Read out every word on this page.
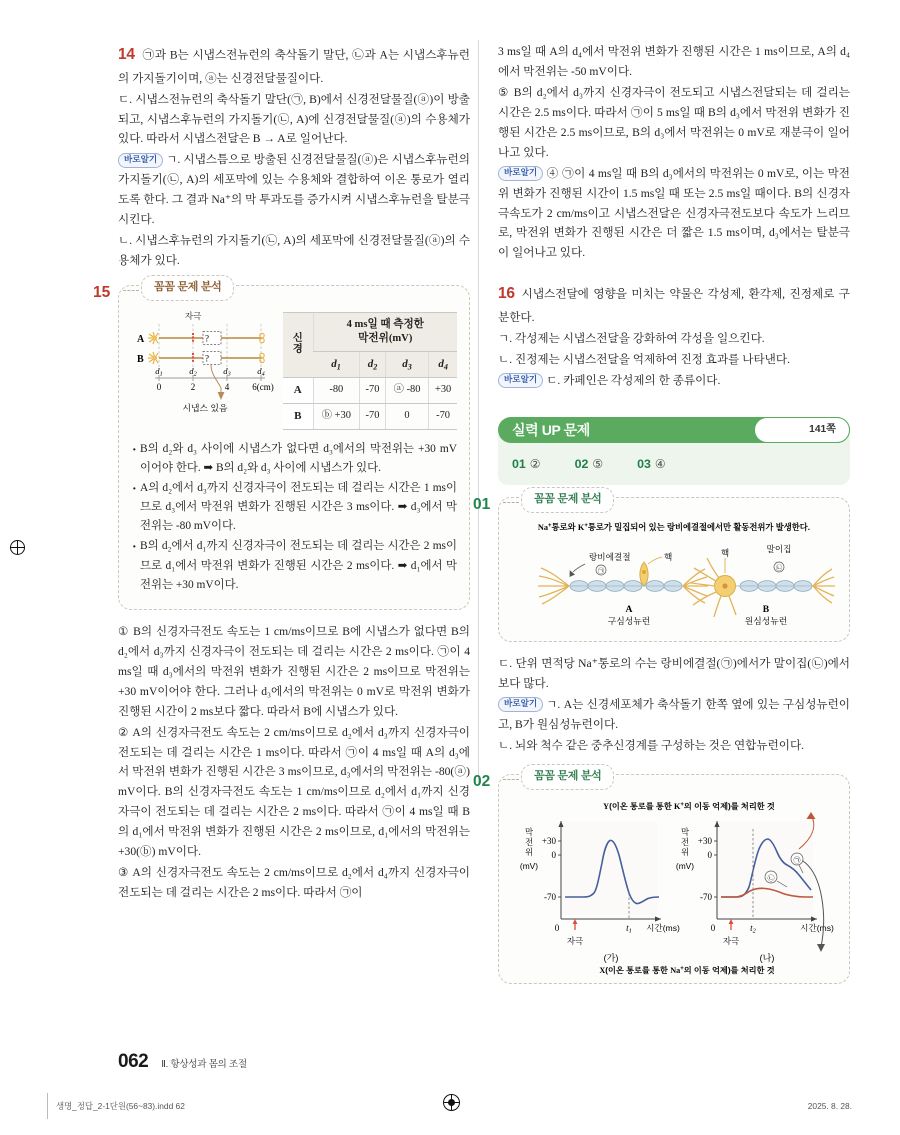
14 ㉠과 B는 시냅스전뉴런의 축삭돌기 말단, ㉡과 A는 시냅스후뉴런의 가지돌기이며, ⓐ는 신경전달물질이다.

ㄷ. 시냅스전뉴런의 축삭돌기 말단(㉠, B)에서 신경전달물질(ⓐ)이 방출되고, 시냅스후뉴런의 가지돌기(㉡, A)에 신경전달물질(ⓐ)의 수용체가 있다. 따라서 시냅스전달은 B → A로 일어난다.

바로알기 ㄱ. 시냅스틈으로 방출된 신경전달물질(ⓐ)은 시냅스후뉴런의 가지돌기(㉡, A)의 세포막에 있는 수용체와 결합하여 이온 통로가 열리도록 한다. 그 결과 Na⁺의 막 투과도를 증가시켜 시냅스후뉴런을 탈분극시킨다.

ㄴ. 시냅스후뉴런의 가지돌기(㉡, A)의 세포막에 신경전달물질(ⓐ)의 수용체가 있다.

15	꼼꼼 문제 분석
A
B
자극
?
?
d1	d2	d3	d4
0	2	4	6(cm)
시냅스 있음
신
경	4 ms일 때 측정한
막전위(mV)			
	$d_1$	$d_2$	$d_3$	$d_4$
A	-80	-70	ⓐ -80	+30
B	ⓑ +30	-70	0	-70
· B의 d₂와 d₃ 사이에 시냅스가 없다면 d₃에서의 막전위는 +30 mV이어야 한다. ➡ B의 d₂와 d₃ 사이에 시냅스가 있다.
· A의 d₂에서 d₃까지 신경자극이 전도되는 데 걸리는 시간은 1 ms이므로 d₃에서 막전위 변화가 진행된 시간은 3 ms이다. ➡ d₃에서 막전위는 -80 mV이다.
· B의 d₂에서 d₁까지 신경자극이 전도되는 데 걸리는 시간은 2 ms이므로 d₁에서 막전위 변화가 진행된 시간은 2 ms이다. ➡ d₁에서 막전위는 +30 mV이다.

① B의 신경자극전도 속도는 1 cm/ms이므로 B에 시냅스가 없다면 B의 d₂에서 d₃까지 신경자극이 전도되는 데 걸리는 시간은 2 ms이다. ㉠이 4 ms일 때 d₃에서의 막전위 변화가 진행된 시간은 2 ms이므로 막전위는 +30 mV이어야 한다. 그러나 d₃에서의 막전위는 0 mV로 막전위 변화가 진행된 시간이 2 ms보다 짧다. 따라서 B에 시냅스가 있다.

② A의 신경자극전도 속도는 2 cm/ms이므로 d₂에서 d₃까지 신경자극이 전도되는 데 걸리는 시간은 1 ms이다. 따라서 ㉠이 4 ms일 때 A의 d₃에서 막전위 변화가 진행된 시간은 3 ms이므로, d₃에서의 막전위는 -80(ⓐ) mV이다. B의 신경자극전도 속도는 1 cm/ms이므로 d₂에서 d₁까지 신경자극이 전도되는 데 걸리는 시간은 2 ms이다. 따라서 ㉠이 4 ms일 때 B의 d₁에서 막전위 변화가 진행된 시간은 2 ms이므로, d₁에서의 막전위는 +30(ⓑ) mV이다.

③ A의 신경자극전도 속도는 2 cm/ms이므로 d₂에서 d₄까지 신경자극이 전도되는 데 걸리는 시간은 2 ms이다. 따라서 ㉠이

3 ms일 때 A의 d₄에서 막전위 변화가 진행된 시간은 1 ms이므로, A의 d₄에서 막전위는 -50 mV이다.

⑤ B의 d₂에서 d₃까지 신경자극이 전도되고 시냅스전달되는 데 걸리는 시간은 2.5 ms이다. 따라서 ㉠이 5 ms일 때 B의 d₃에서 막전위 변화가 진행된 시간은 2.5 ms이므로, B의 d₃에서 막전위는 0 mV로 재분극이 일어나고 있다.

바로알기 ④ ㉠이 4 ms일 때 B의 d₃에서의 막전위는 0 mV로, 이는 막전위 변화가 진행된 시간이 1.5 ms일 때 또는 2.5 ms일 때이다. B의 신경자극속도가 2 cm/ms이고 시냅스전달은 신경자극전도보다 속도가 느리므로, 막전위 변화가 진행된 시간은 더 짧은 1.5 ms이며, d₃에서는 탈분극이 일어나고 있다.

16 시냅스전달에 영향을 미치는 약물은 각성제, 환각제, 진정제로 구분한다.

ㄱ. 각성제는 시냅스전달을 강화하여 각성을 일으킨다.

ㄴ. 진정제는 시냅스전달을 억제하여 진정 효과를 나타낸다.

바로알기 ㄷ. 카페인은 각성제의 한 종류이다.

실력 UP 문제	141쪽
01 ②	02 ⑤	03 ④
01	꼼꼼 문제 분석
Na+통로와 K+통로가 밀집되어 있는 랑비에결절에서만 활동전위가 발생한다.
랑비에결절
㉠
핵	핵	말이집
㉡
A
구심성뉴런
B
원심성뉴런

ㄷ. 단위 면적당 Na⁺통로의 수는 랑비에결절(㉠)에서가 말이집(㉡)에서보다 많다.

바로알기 ㄱ. A는 신경세포체가 축삭돌기 한쪽 옆에 있는 구심성뉴런이고, B가 원심성뉴런이다.

ㄴ. 뇌와 척수 같은 중추신경계를 구성하는 것은 연합뉴런이다.

02	꼼꼼 문제 분석
Y(이온 통로를 통한 K+의 이동 억제)를 처리한 것
+30
0
-70
막
전
위
(mV)
자극
t1
0	시간(ms)
(가)
+30
0
-70
막
전
위
(mV)
자극
t2
0	시간(ms)
(나)
㉠
㉡
X(이온 통로를 통한 Na+의 이동 억제)를 처리한 것
062 Ⅱ. 항상성과 몸의 조절
생명_정답_2-1단원(56~83).indd 62	2025. 8. 28.
